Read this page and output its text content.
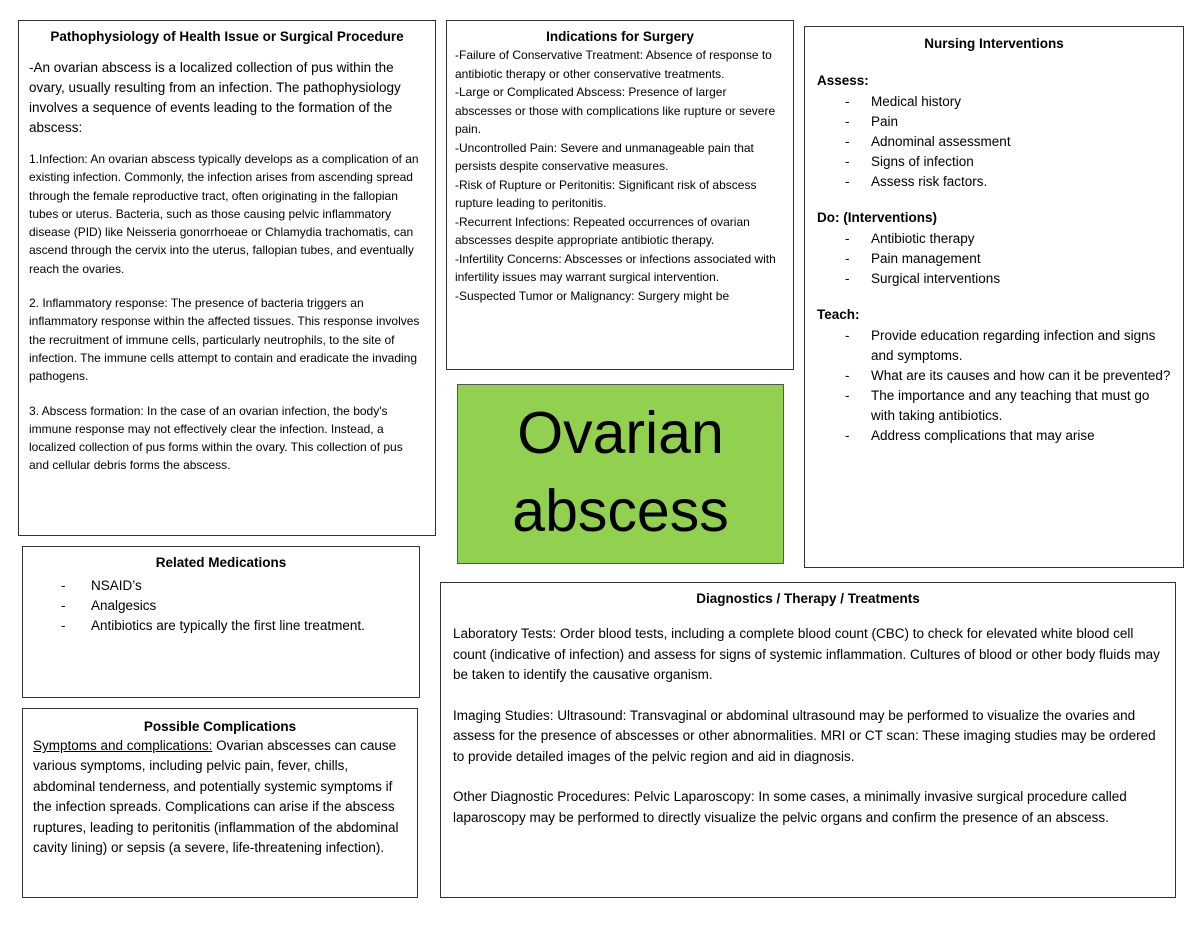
Pathophysiology of Health Issue or Surgical Procedure
-An ovarian abscess is a localized collection of pus within the ovary, usually resulting from an infection. The pathophysiology involves a sequence of events leading to the formation of the abscess:
1.Infection: An ovarian abscess typically develops as a complication of an existing infection. Commonly, the infection arises from ascending spread through the female reproductive tract, often originating in the fallopian tubes or uterus. Bacteria, such as those causing pelvic inflammatory disease (PID) like Neisseria gonorrhoeae or Chlamydia trachomatis, can ascend through the cervix into the uterus, fallopian tubes, and eventually reach the ovaries.
2. Inflammatory response: The presence of bacteria triggers an inflammatory response within the affected tissues. This response involves the recruitment of immune cells, particularly neutrophils, to the site of infection. The immune cells attempt to contain and eradicate the invading pathogens.
3. Abscess formation: In the case of an ovarian infection, the body's immune response may not effectively clear the infection. Instead, a localized collection of pus forms within the ovary. This collection of pus and cellular debris forms the abscess.
Indications for Surgery
-Failure of Conservative Treatment: Absence of response to antibiotic therapy or other conservative treatments.
-Large or Complicated Abscess: Presence of larger abscesses or those with complications like rupture or severe pain.
-Uncontrolled Pain: Severe and unmanageable pain that persists despite conservative measures.
-Risk of Rupture or Peritonitis: Significant risk of abscess rupture leading to peritonitis.
-Recurrent Infections: Repeated occurrences of ovarian abscesses despite appropriate antibiotic therapy.
-Infertility Concerns: Abscesses or infections associated with infertility issues may warrant surgical intervention.
-Suspected Tumor or Malignancy: Surgery might be
Ovarian
abscess
Nursing Interventions
Assess:
- Medical history
- Pain
- Adnominal assessment
- Signs of infection
- Assess risk factors.
Do: (Interventions)
- Antibiotic therapy
- Pain management
- Surgical interventions
Teach:
- Provide education regarding infection and signs and symptoms.
- What are its causes and how can it be prevented?
- The importance and any teaching that must go with taking antibiotics.
- Address complications that may arise
Related Medications
- NSAID’s
- Analgesics
- Antibiotics are typically the first line treatment.
Possible Complications
Symptoms and complications: Ovarian abscesses can cause various symptoms, including pelvic pain, fever, chills, abdominal tenderness, and potentially systemic symptoms if the infection spreads. Complications can arise if the abscess ruptures, leading to peritonitis (inflammation of the abdominal cavity lining) or sepsis (a severe, life-threatening infection).
Diagnostics / Therapy / Treatments

Laboratory Tests: Order blood tests, including a complete blood count (CBC) to check for elevated white blood cell count (indicative of infection) and assess for signs of systemic inflammation. Cultures of blood or other body fluids may be taken to identify the causative organism.

Imaging Studies: Ultrasound: Transvaginal or abdominal ultrasound may be performed to visualize the ovaries and assess for the presence of abscesses or other abnormalities. MRI or CT scan: These imaging studies may be ordered to provide detailed images of the pelvic region and aid in diagnosis.

Other Diagnostic Procedures: Pelvic Laparoscopy: In some cases, a minimally invasive surgical procedure called laparoscopy may be performed to directly visualize the pelvic organs and confirm the presence of an abscess.
